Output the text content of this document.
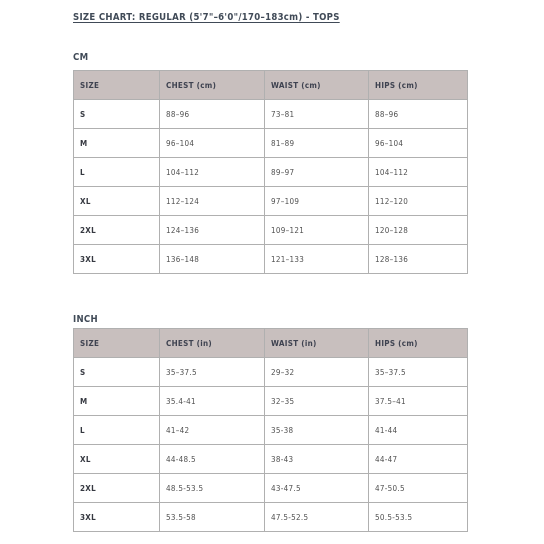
SIZE CHART: REGULAR (5'7"–6'0"/170–183cm) - TOPS
CM
SIZE	CHEST (cm)	WAIST (cm)	HIPS (cm)
S	88–96	73–81	88–96
M	96–104	81–89	96–104
L	104–112	89–97	104–112
XL	112–124	97–109	112–120
2XL	124–136	109–121	120–128
3XL	136–148	121–133	128–136
INCH
SIZE	CHEST (in)	WAIST (in)	HIPS (cm)
S	35–37.5	29–32	35–37.5
M	35.4-41	32–35	37.5–41
L	41–42	35-38	41-44
XL	44-48.5	38-43	44-47
2XL	48.5-53.5	43-47.5	47-50.5
3XL	53.5-58	47.5-52.5	50.5-53.5
